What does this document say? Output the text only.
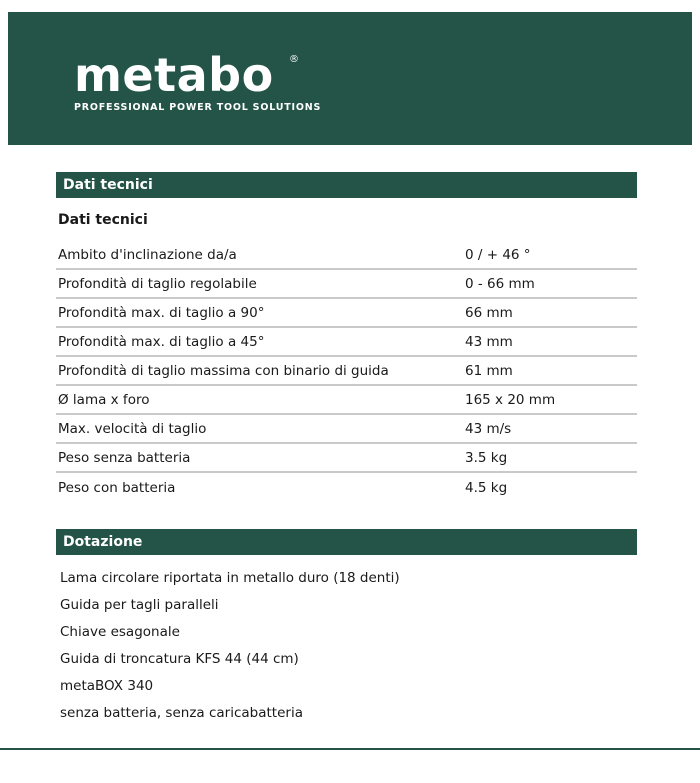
metabo ®
PROFESSIONAL POWER TOOL SOLUTIONS
Dati tecnici
Dati tecnici
Ambito d'inclinazione da/a	0 / + 46 °
Profondità di taglio regolabile	0 - 66 mm
Profondità max. di taglio a 90°	66 mm
Profondità max. di taglio a 45°	43 mm
Profondità di taglio massima con binario di guida	61 mm
Ø lama x foro	165 x 20 mm
Max. velocità di taglio	43 m/s
Peso senza batteria	3.5 kg
Peso con batteria	4.5 kg
Dotazione
Lama circolare riportata in metallo duro (18 denti)
Guida per tagli paralleli
Chiave esagonale
Guida di troncatura KFS 44 (44 cm)
metaBOX 340
senza batteria, senza caricabatteria
